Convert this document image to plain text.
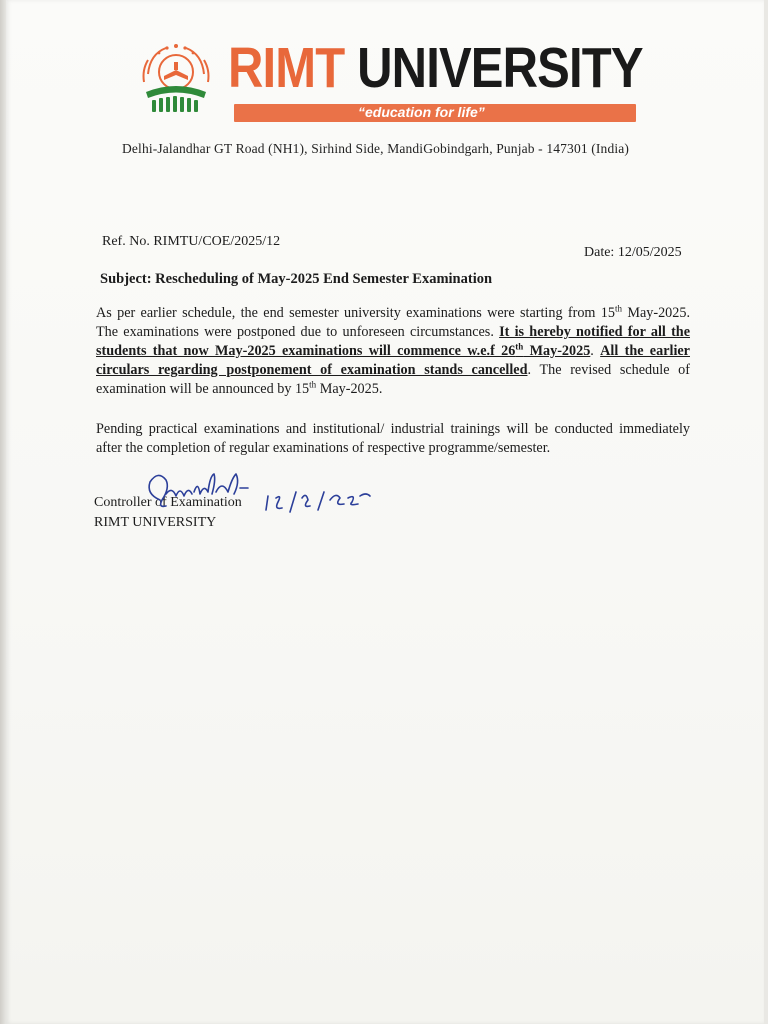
RIMT UNIVERSITY
“education for life”
Delhi-Jalandhar GT Road (NH1), Sirhind Side, MandiGobindgarh, Punjab - 147301 (India)
Ref. No. RIMTU/COE/2025/12
Date: 12/05/2025
Subject: Rescheduling of May-2025 End Semester Examination
As per earlier schedule, the end semester university examinations were starting from 15th May-2025. The examinations were postponed due to unforeseen circumstances. It is hereby notified for all the students that now May-2025 examinations will commence w.e.f 26th May-2025. All the earlier circulars regarding postponement of examination stands cancelled. The revised schedule of examination will be announced by 15th May-2025.
Pending practical examinations and institutional/ industrial trainings will be conducted immediately after the completion of regular examinations of respective programme/semester.
Controller of Examination
RIMT UNIVERSITY
